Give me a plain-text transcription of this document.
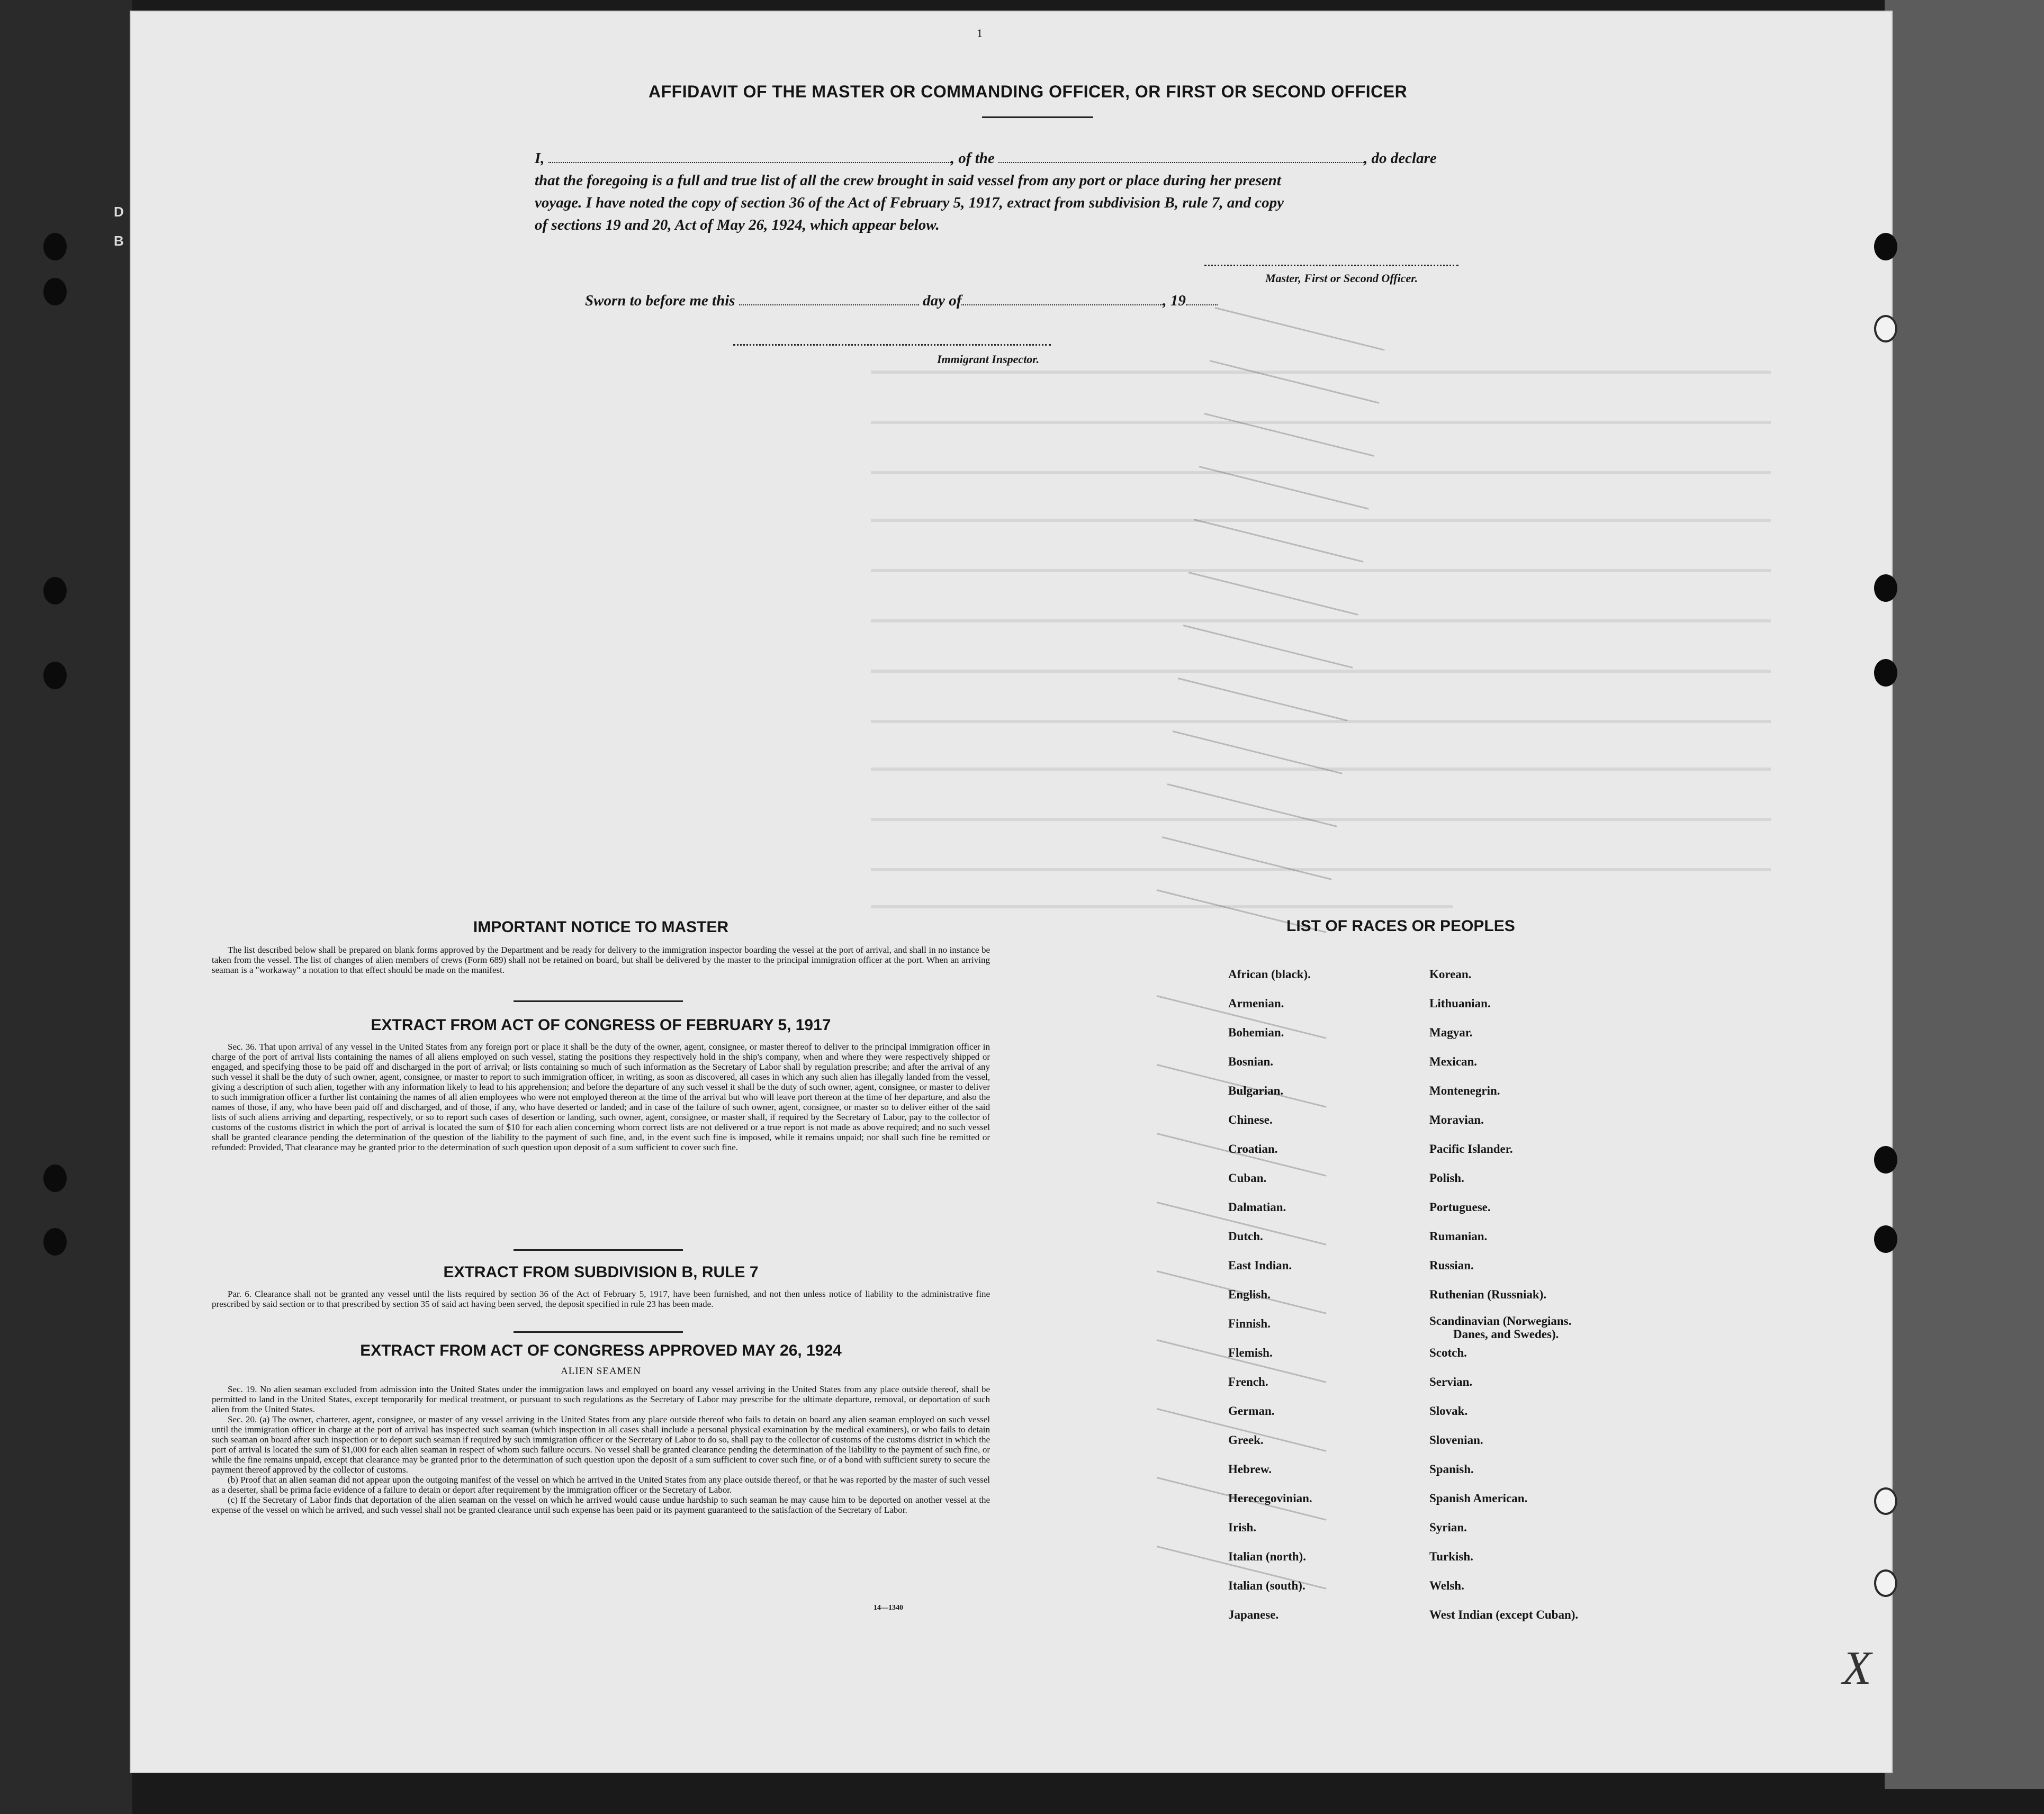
D
B
1
AFFIDAVIT OF THE MASTER OR COMMANDING OFFICER, OR FIRST OR SECOND OFFICER
I,	, of the	, do declare
that the foregoing is a full and true list of all the crew brought in said vessel from any port or place during her present
voyage. I have noted the copy of section 36 of the Act of February 5, 1917, extract from subdivision B, rule 7, and copy
of sections 19 and 20, Act of May 26, 1924, which appear below.
Master, First or Second Officer.
Sworn to before me this	day of	, 19
Immigrant Inspector.
IMPORTANT NOTICE TO MASTER

The list described below shall be prepared on blank forms approved by the Department and be ready for delivery to the immigration inspector boarding the vessel at the port of arrival, and shall in no instance be taken from the vessel. The list of changes of alien members of crews (Form 689) shall not be retained on board, but shall be delivered by the master to the principal immigration officer at the port. When an arriving seaman is a "workaway" a notation to that effect should be made on the manifest.

EXTRACT FROM ACT OF CONGRESS OF FEBRUARY 5, 1917

Sec. 36. That upon arrival of any vessel in the United States from any foreign port or place it shall be the duty of the owner, agent, consignee, or master thereof to deliver to the principal immigration officer in charge of the port of arrival lists containing the names of all aliens employed on such vessel, stating the positions they respectively hold in the ship's company, when and where they were respectively shipped or engaged, and specifying those to be paid off and discharged in the port of arrival; or lists containing so much of such information as the Secretary of Labor shall by regulation prescribe; and after the arrival of any such vessel it shall be the duty of such owner, agent, consignee, or master to report to such immigration officer, in writing, as soon as discovered, all cases in which any such alien has illegally landed from the vessel, giving a description of such alien, together with any information likely to lead to his apprehension; and before the departure of any such vessel it shall be the duty of such owner, agent, consignee, or master to deliver to such immigration officer a further list containing the names of all alien employees who were not employed thereon at the time of the arrival but who will leave port thereon at the time of her departure, and also the names of those, if any, who have been paid off and discharged, and of those, if any, who have deserted or landed; and in case of the failure of such owner, agent, consignee, or master so to deliver either of the said lists of such aliens arriving and departing, respectively, or so to report such cases of desertion or landing, such owner, agent, consignee, or master shall, if required by the Secretary of Labor, pay to the collector of customs of the customs district in which the port of arrival is located the sum of $10 for each alien concerning whom correct lists are not delivered or a true report is not made as above required; and no such vessel shall be granted clearance pending the determination of the question of the liability to the payment of such fine, and, in the event such fine is imposed, while it remains unpaid; nor shall such fine be remitted or refunded: Provided, That clearance may be granted prior to the determination of such question upon deposit of a sum sufficient to cover such fine.

EXTRACT FROM SUBDIVISION B, RULE 7

Par. 6. Clearance shall not be granted any vessel until the lists required by section 36 of the Act of February 5, 1917, have been furnished, and not then unless notice of liability to the administrative fine prescribed by said section or to that prescribed by section 35 of said act having been served, the deposit specified in rule 23 has been made.

EXTRACT FROM ACT OF CONGRESS APPROVED MAY 26, 1924
ALIEN SEAMEN

Sec. 19. No alien seaman excluded from admission into the United States under the immigration laws and employed on board any vessel arriving in the United States from any place outside thereof, shall be permitted to land in the United States, except temporarily for medical treatment, or pursuant to such regulations as the Secretary of Labor may prescribe for the ultimate departure, removal, or deportation of such alien from the United States.

Sec. 20. (a) The owner, charterer, agent, consignee, or master of any vessel arriving in the United States from any place outside thereof who fails to detain on board any alien seaman employed on such vessel until the immigration officer in charge at the port of arrival has inspected such seaman (which inspection in all cases shall include a personal physical examination by the medical examiners), or who fails to detain such seaman on board after such inspection or to deport such seaman if required by such immigration officer or the Secretary of Labor to do so, shall pay to the collector of customs of the customs district in which the port of arrival is located the sum of $1,000 for each alien seaman in respect of whom such failure occurs. No vessel shall be granted clearance pending the determination of the liability to the payment of such fine, or while the fine remains unpaid, except that clearance may be granted prior to the determination of such question upon the deposit of a sum sufficient to cover such fine, or of a bond with sufficient surety to secure the payment thereof approved by the collector of customs.

(b) Proof that an alien seaman did not appear upon the outgoing manifest of the vessel on which he arrived in the United States from any place outside thereof, or that he was reported by the master of such vessel as a deserter, shall be prima facie evidence of a failure to detain or deport after requirement by the immigration officer or the Secretary of Labor.

(c) If the Secretary of Labor finds that deportation of the alien seaman on the vessel on which he arrived would cause undue hardship to such seaman he may cause him to be deported on another vessel at the expense of the vessel on which he arrived, and such vessel shall not be granted clearance until such expense has been paid or its payment guaranteed to the satisfaction of the Secretary of Labor.

14—1340
LIST OF RACES OR PEOPLES
African (black).
Armenian.
Bohemian.
Bosnian.
Bulgarian.
Chinese.
Croatian.
Cuban.
Dalmatian.
Dutch.
East Indian.
English.
Finnish.
Flemish.
French.
German.
Greek.
Hebrew.
Herecegovinian.
Irish.
Italian (north).
Italian (south).
Japanese.
Korean.
Lithuanian.
Magyar.
Mexican.
Montenegrin.
Moravian.
Pacific Islander.
Polish.
Portuguese.
Rumanian.
Russian.
Ruthenian (Russniak).
Scandinavian (Norwegians.
Danes, and Swedes).
Scotch.
Servian.
Slovak.
Slovenian.
Spanish.
Spanish American.
Syrian.
Turkish.
Welsh.
West Indian (except Cuban).
X
